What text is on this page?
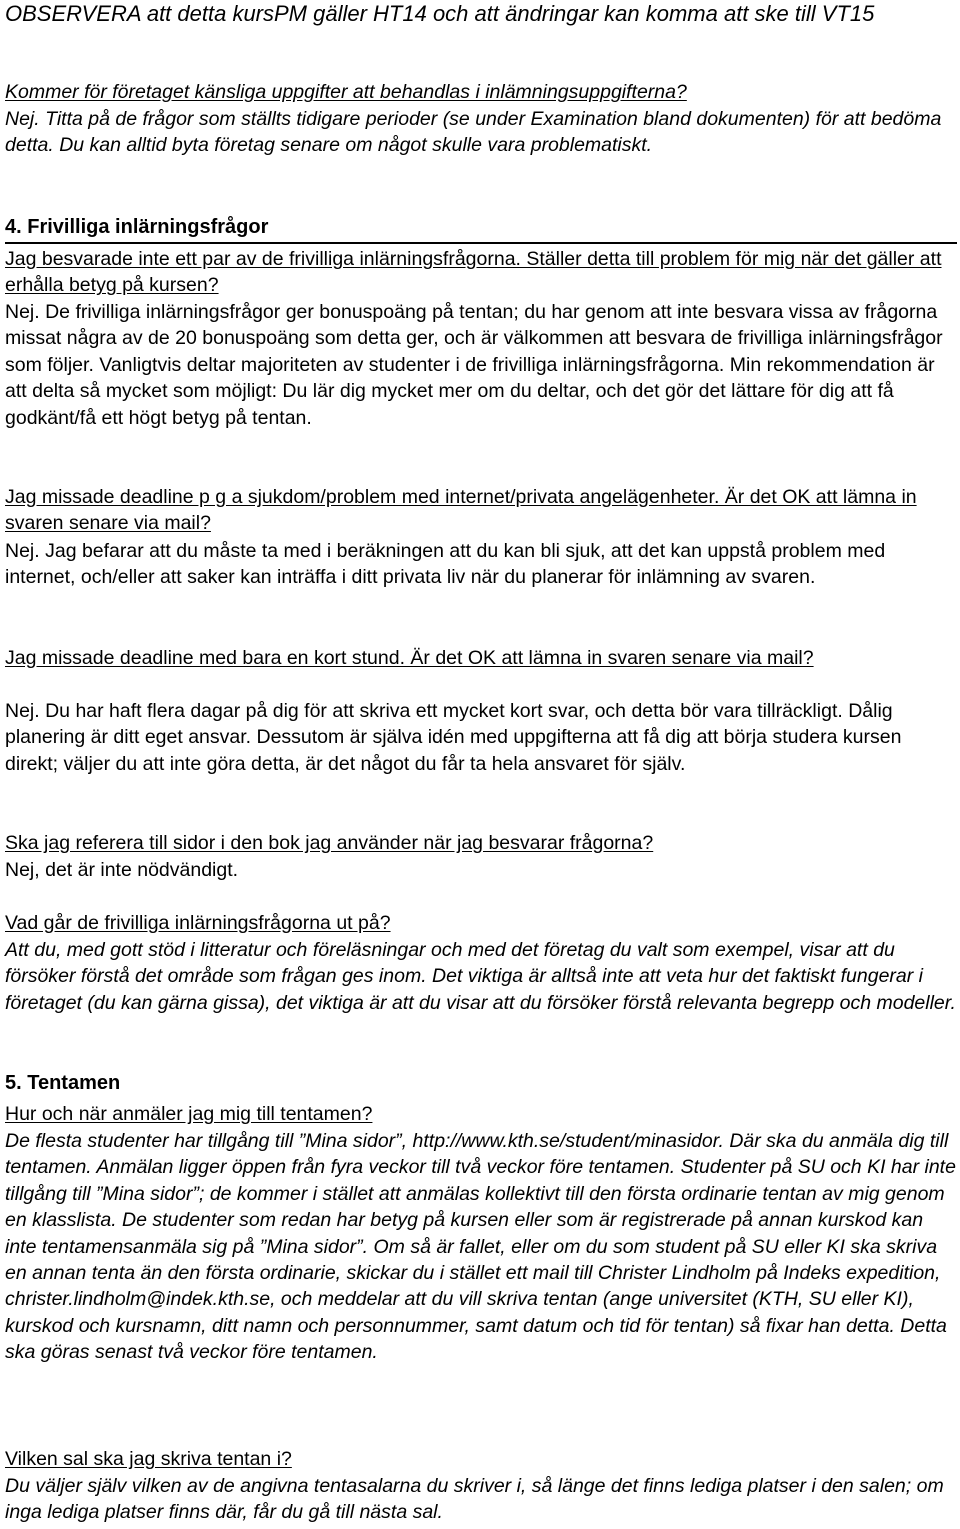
OBSERVERA att detta kursPM gäller HT14 och att ändringar kan komma att ske till VT15

Kommer för företaget känsliga uppgifter att behandlas i inlämningsuppgifterna?

Nej. Titta på de frågor som ställts tidigare perioder (se under Examination bland dokumenten) för att bedöma detta. Du kan alltid byta företag senare om något skulle vara problematiskt.

4. Frivilliga inlärningsfrågor

Jag besvarade inte ett par av de frivilliga inlärningsfrågorna. Ställer detta till problem för mig när det gäller att erhålla betyg på kursen?

Nej. De frivilliga inlärningsfrågor ger bonuspoäng på tentan; du har genom att inte besvara vissa av frågorna missat några av de 20 bonuspoäng som detta ger, och är välkommen att besvara de frivilliga inlärningsfrågor som följer. Vanligtvis deltar majoriteten av studenter i de frivilliga inlärningsfrågorna. Min rekommendation är att delta så mycket som möjligt: Du lär dig mycket mer om du deltar, och det gör det lättare för dig att få godkänt/få ett högt betyg på tentan.

Jag missade deadline p g a sjukdom/problem med internet/privata angelägenheter. Är det OK att lämna in svaren senare via mail?

Nej. Jag befarar att du måste ta med i beräkningen att du kan bli sjuk, att det kan uppstå problem med internet, och/eller att saker kan inträffa i ditt privata liv när du planerar för inlämning av svaren.

Jag missade deadline med bara en kort stund. Är det OK att lämna in svaren senare via mail?

Nej. Du har haft flera dagar på dig för att skriva ett mycket kort svar, och detta bör vara tillräckligt. Dålig planering är ditt eget ansvar. Dessutom är själva idén med uppgifterna att få dig att börja studera kursen direkt; väljer du att inte göra detta, är det något du får ta hela ansvaret för själv.

Ska jag referera till sidor i den bok jag använder när jag besvarar frågorna?

Nej, det är inte nödvändigt.

Vad går de frivilliga inlärningsfrågorna ut på?

Att du, med gott stöd i litteratur och föreläsningar och med det företag du valt som exempel, visar att du försöker förstå det område som frågan ges inom. Det viktiga är alltså inte att veta hur det faktiskt fungerar i företaget (du kan gärna gissa), det viktiga är att du visar att du försöker förstå relevanta begrepp och modeller.

5. Tentamen

Hur och när anmäler jag mig till tentamen?

De flesta studenter har tillgång till ”Mina sidor”, http://www.kth.se/student/minasidor. Där ska du anmäla dig till tentamen. Anmälan ligger öppen från fyra veckor till två veckor före tentamen. Studenter på SU och KI har inte tillgång till ”Mina sidor”; de kommer i stället att anmälas kollektivt till den första ordinarie tentan av mig genom en klasslista. De studenter som redan har betyg på kursen eller som är registrerade på annan kurskod kan inte tentamensanmäla sig på ”Mina sidor”. Om så är fallet, eller om du som student på SU eller KI ska skriva en annan tenta än den första ordinarie, skickar du i stället ett mail till Christer Lindholm på Indeks expedition, christer.lindholm@indek.kth.se, och meddelar att du vill skriva tentan (ange universitet (KTH, SU eller KI), kurskod och kursnamn, ditt namn och personnummer, samt datum och tid för tentan) så fixar han detta. Detta ska göras senast två veckor före tentamen.

Vilken sal ska jag skriva tentan i?

Du väljer själv vilken av de angivna tentasalarna du skriver i, så länge det finns lediga platser i den salen; om inga lediga platser finns där, får du gå till nästa sal.
